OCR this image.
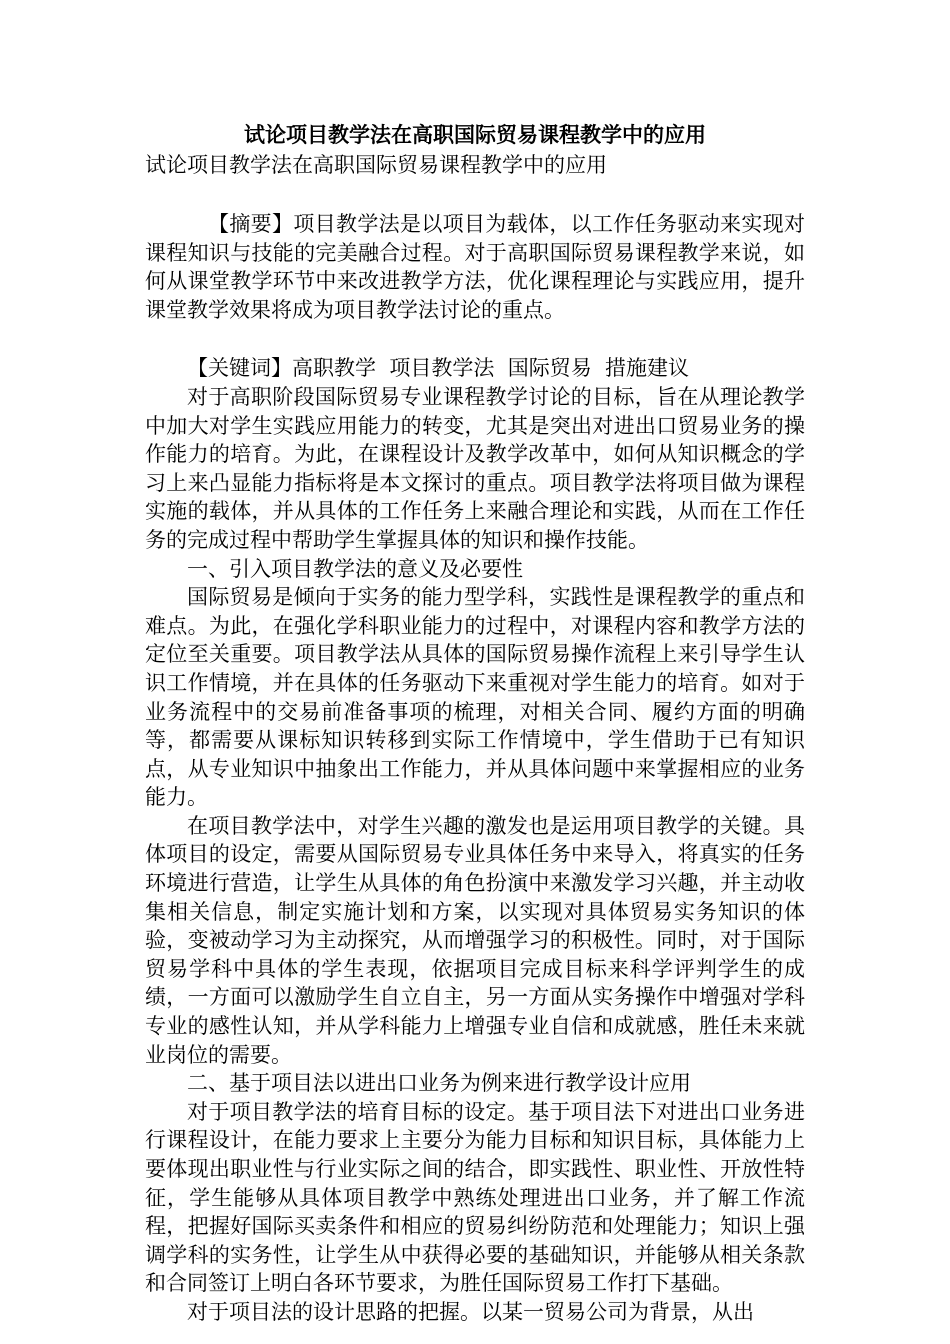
试论项目教学法在高职国际贸易课程教学中的应用
试论项目教学法在高职国际贸易课程教学中的应用

【摘要】项目教学法是以项目为载体，以工作任务驱动来实现对课程知识与技能的完美融合过程。对于高职国际贸易课程教学来说，如何从课堂教学环节中来改进教学方法，优化课程理论与实践应用，提升课堂教学效果将成为项目教学法讨论的重点。

【关键词】高职教学  项目教学法  国际贸易  措施建议

对于高职阶段国际贸易专业课程教学讨论的目标，旨在从理论教学中加大对学生实践应用能力的转变，尤其是突出对进出口贸易业务的操作能力的培育。为此，在课程设计及教学改革中，如何从知识概念的学习上来凸显能力指标将是本文探讨的重点。项目教学法将项目做为课程实施的载体，并从具体的工作任务上来融合理论和实践，从而在工作任务的完成过程中帮助学生掌握具体的知识和操作技能。

一、引入项目教学法的意义及必要性

国际贸易是倾向于实务的能力型学科，实践性是课程教学的重点和难点。为此，在强化学科职业能力的过程中，对课程内容和教学方法的定位至关重要。项目教学法从具体的国际贸易操作流程上来引导学生认识工作情境，并在具体的任务驱动下来重视对学生能力的培育。如对于业务流程中的交易前准备事项的梳理，对相关合同、履约方面的明确等，都需要从课标知识转移到实际工作情境中，学生借助于已有知识点，从专业知识中抽象出工作能力，并从具体问题中来掌握相应的业务能力。

在项目教学法中，对学生兴趣的激发也是运用项目教学的关键。具体项目的设定，需要从国际贸易专业具体任务中来导入，将真实的任务环境进行营造，让学生从具体的角色扮演中来激发学习兴趣，并主动收集相关信息，制定实施计划和方案，以实现对具体贸易实务知识的体验，变被动学习为主动探究，从而增强学习的积极性。同时，对于国际贸易学科中具体的学生表现，依据项目完成目标来科学评判学生的成绩，一方面可以激励学生自立自主，另一方面从实务操作中增强对学科专业的感性认知，并从学科能力上增强专业自信和成就感，胜任未来就业岗位的需要。

二、基于项目法以进出口业务为例来进行教学设计应用

对于项目教学法的培育目标的设定。基于项目法下对进出口业务进行课程设计，在能力要求上主要分为能力目标和知识目标，具体能力上要体现出职业性与行业实际之间的结合，即实践性、职业性、开放性特征，学生能够从具体项目教学中熟练处理进出口业务，并了解工作流程，把握好国际买卖条件和相应的贸易纠纷防范和处理能力；知识上强调学科的实务性，让学生从中获得必要的基础知识，并能够从相关条款和合同签订上明白各环节要求，为胜任国际贸易工作打下基础。

对于项目法的设计思路的把握。以某一贸易公司为背景，从出
